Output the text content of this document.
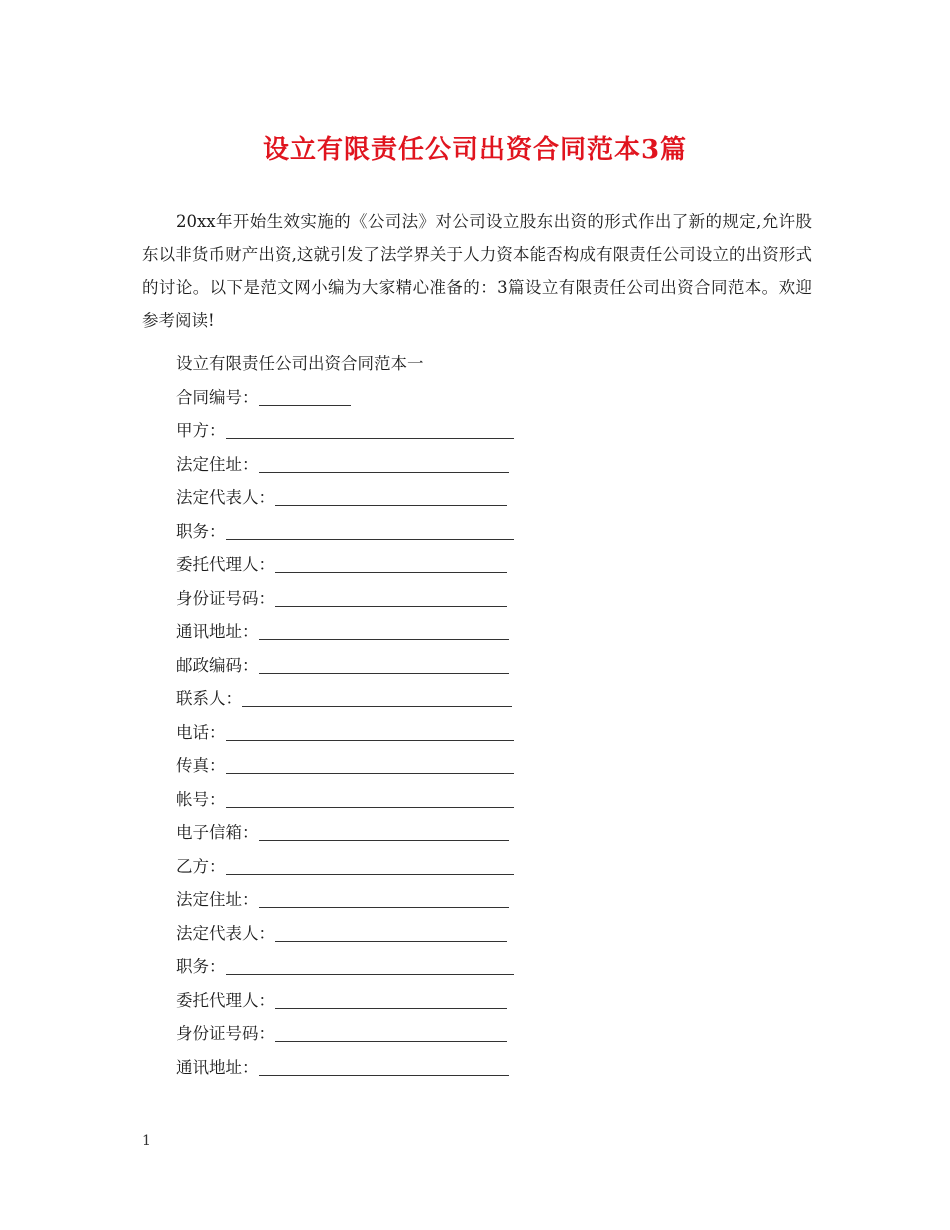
设立有限责任公司出资合同范本3篇

20xx年开始生效实施的《公司法》对公司设立股东出资的形式作出了新的规定,允许股东以非货币财产出资,这就引发了法学界关于人力资本能否构成有限责任公司设立的出资形式的讨论。以下是范文网小编为大家精心准备的：3篇设立有限责任公司出资合同范本。欢迎参考阅读!

设立有限责任公司出资合同范本一
合同编号：
甲方：
法定住址：
法定代表人：
职务：
委托代理人：
身份证号码：
通讯地址：
邮政编码：
联系人：
电话：
传真：
帐号：
电子信箱：
乙方：
法定住址：
法定代表人：
职务：
委托代理人：
身份证号码：
通讯地址：
1
